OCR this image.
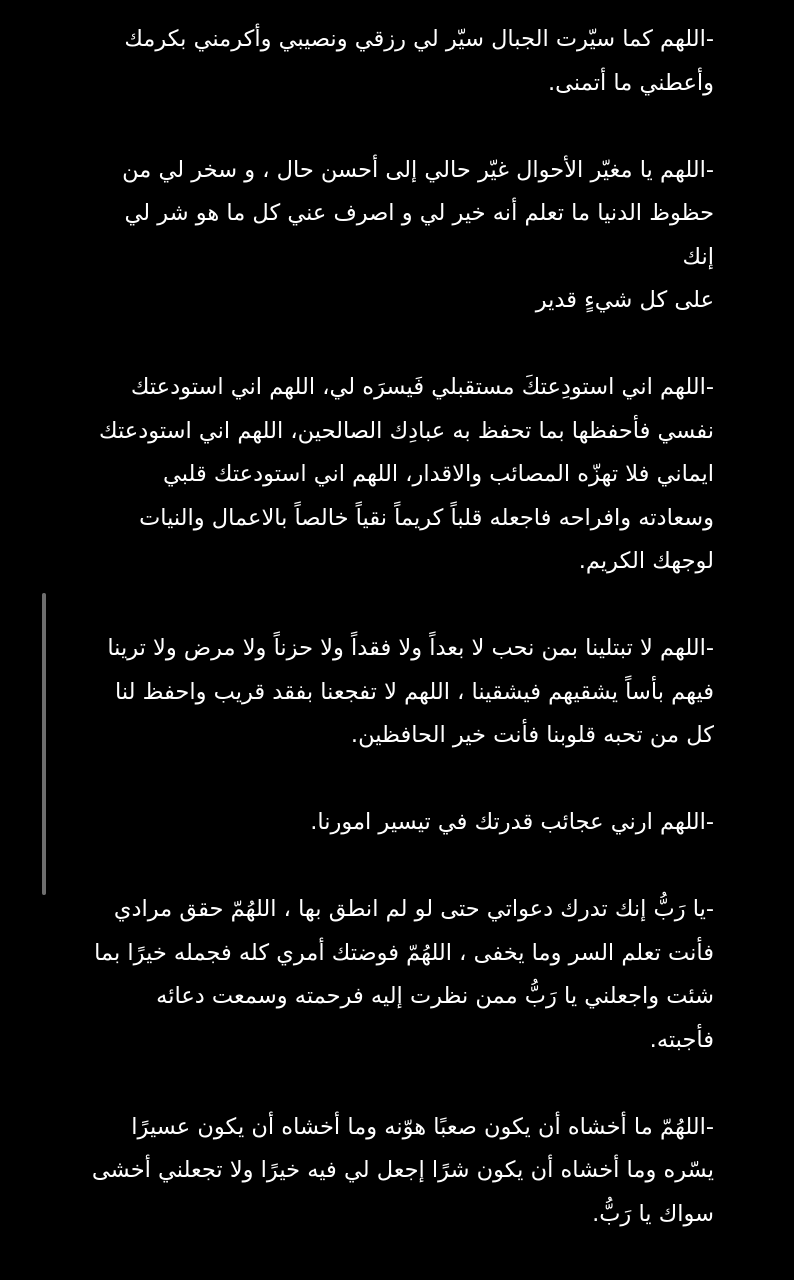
-اللهم كما سيّرت الجبال سيّر لي رزقي ونصيبي وأكرمني بكرمك
وأعطني ما أتمنى.

-اللهم يا مغيّر الأحوال غيّر حالي إلى أحسن حال ، و سخر لي من
حظوظ الدنيا ما تعلم أنه خير لي و اصرف عني كل ما هو شر لي إنك
على كل شيءٍ قدير

-اللهم اني استودِعتكَ مستقبلي فَيسرَه لي، اللهم اني استودعتك
نفسي فأحفظها بما تحفظ به عبادِك الصالحين، اللهم اني استودعتك
ايماني فلا تهزّه المصائب والاقدار، اللهم اني استودعتك قلبي
وسعادته وافراحه فاجعله قلباً كريماً نقياً خالصاً بالاعمال والنيات
لوجهك الكريم.

-اللهم لا تبتلينا بمن نحب لا بعداً ولا فقداً ولا حزناً ولا مرض ولا ترينا
فيهم بأساً يشقيهم فيشقينا ، اللهم لا تفجعنا بفقد قريب واحفظ لنا
كل من تحبه قلوبنا فأنت خير الحافظين.

-اللهم ارني عجائب قدرتك في تيسير امورنا.

-يا رَبُّ إنك تدرك دعواتي حتى لو لم انطق بها ، اللهُمّ حقق مرادي
فأنت تعلم السر وما يخفى ، اللهُمّ فوضتك أمري كله فجمله خيرًا بما
شئت واجعلني يا رَبُّ ممن نظرت إليه فرحمته وسمعت دعائه
فأجبته.

-اللهُمّ ما أخشاه أن يكون صعبًا هوّنه وما أخشاه أن يكون عسيرًا
يسّره وما أخشاه أن يكون شرًا إجعل لي فيه خيرًا ولا تجعلني أخشى
سواك يا رَبُّ.
